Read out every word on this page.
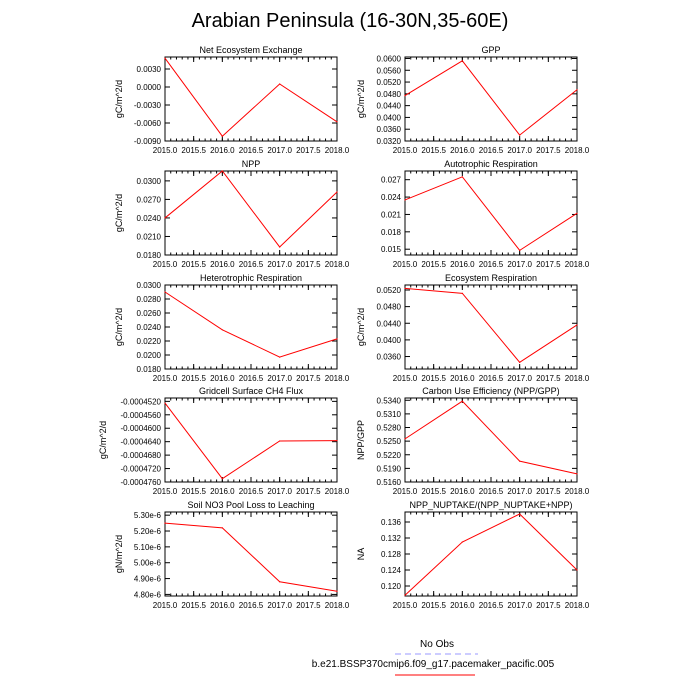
Arabian Peninsula (16-30N,35-60E)
Net Ecosystem Exchange
2015.0 2015.5 2016.0 2016.5 2017.0 2017.5 2018.0
0.0030
0.0000
-0.0030
-0.0060
-0.0090
gC/m^2/d
GPP
2015.0 2015.5 2016.0 2016.5 2017.0 2017.5 2018.0
0.0600
0.0560
0.0520
0.0480
0.0440
0.0400
0.0360
0.0320
gC/m^2/d
NPP
2015.0 2015.5 2016.0 2016.5 2017.0 2017.5 2018.0
0.0300
0.0270
0.0240
0.0210
0.0180
gC/m^2/d
Autotrophic Respiration
2015.0 2015.5 2016.0 2016.5 2017.0 2017.5 2018.0
0.027
0.024
0.021
0.018
0.015
Heterotrophic Respiration
2015.0 2015.5 2016.0 2016.5 2017.0 2017.5 2018.0
0.0300
0.0280
0.0260
0.0240
0.0220
0.0200
0.0180
gC/m^2/d
Ecosystem Respiration
2015.0 2015.5 2016.0 2016.5 2017.0 2017.5 2018.0
0.0520
0.0480
0.0440
0.0400
0.0360
gC/m^2/d
Gridcell Surface CH4 Flux
2015.0 2015.5 2016.0 2016.5 2017.0 2017.5 2018.0
-0.0004520
-0.0004560
-0.0004600
-0.0004640
-0.0004680
-0.0004720
-0.0004760
gC/m^2/d
Carbon Use Efficiency (NPP/GPP)
2015.0 2015.5 2016.0 2016.5 2017.0 2017.5 2018.0
0.5340
0.5310
0.5280
0.5250
0.5220
0.5190
0.5160
NPP/GPP
Soil NO3 Pool Loss to Leaching
2015.0 2015.5 2016.0 2016.5 2017.0 2017.5 2018.0
5.30e-6
5.20e-6
5.10e-6
5.00e-6
4.90e-6
4.80e-6
gN/m^2/d
NPP_NUPTAKE/(NPP_NUPTAKE+NPP)
2015.0 2015.5 2016.0 2016.5 2017.0 2017.5 2018.0
0.136
0.132
0.128
0.124
0.120
NA
No Obs
b.e21.BSSP370cmip6.f09_g17.pacemaker_pacific.005
